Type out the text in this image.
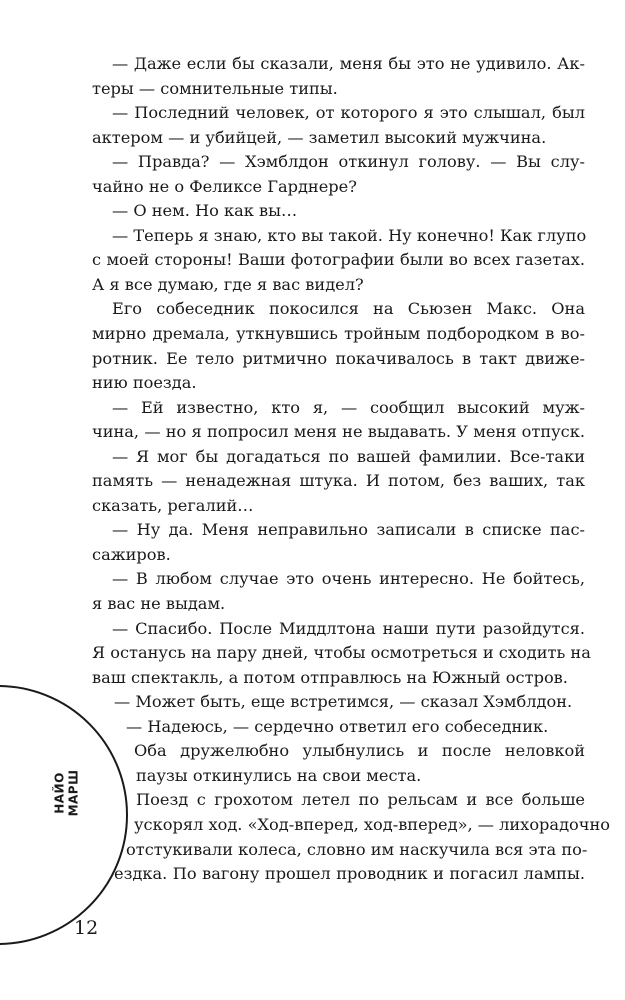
НАЙО МАРШ
— Даже если бы сказали, меня бы это не удивило. Ак-
теры — сомнительные типы.
— Последний человек, от которого я это слышал, был
актером — и убийцей, — заметил высокий мужчина.
— Правда? — Хэмблдон откинул голову. — Вы слу-
чайно не о Феликсе Гарднере?
— О нем. Но как вы…
— Теперь я знаю, кто вы такой. Ну конечно! Как глупо
с моей стороны! Ваши фотографии были во всех газетах.
А я все думаю, где я вас видел?
Его собеседник покосился на Сьюзен Макс. Она
мирно дремала, уткнувшись тройным подбородком в во-
ротник. Ее тело ритмично покачивалось в такт движе-
нию поезда.
— Ей известно, кто я, — сообщил высокий муж-
чина, — но я попросил меня не выдавать. У меня отпуск.
— Я мог бы догадаться по вашей фамилии. Все-таки
память — ненадежная штука. И потом, без ваших, так
сказать, регалий…
— Ну да. Меня неправильно записали в списке пас-
сажиров.
— В любом случае это очень интересно. Не бойтесь,
я вас не выдам.
— Спасибо. После Миддлтона наши пути разойдутся.
Я останусь на пару дней, чтобы осмотреться и сходить на
ваш спектакль, а потом отправлюсь на Южный остров.
— Может быть, еще встретимся, — сказал Хэмблдон.
— Надеюсь, — сердечно ответил его собеседник.
Оба дружелюбно улыбнулись и после неловкой
паузы откинулись на свои места.
Поезд с грохотом летел по рельсам и все больше
ускорял ход. «Ход-вперед, ход-вперед», — лихорадочно
отстукивали колеса, словно им наскучила вся эта по-
ездка. По вагону прошел проводник и погасил лампы.
12
